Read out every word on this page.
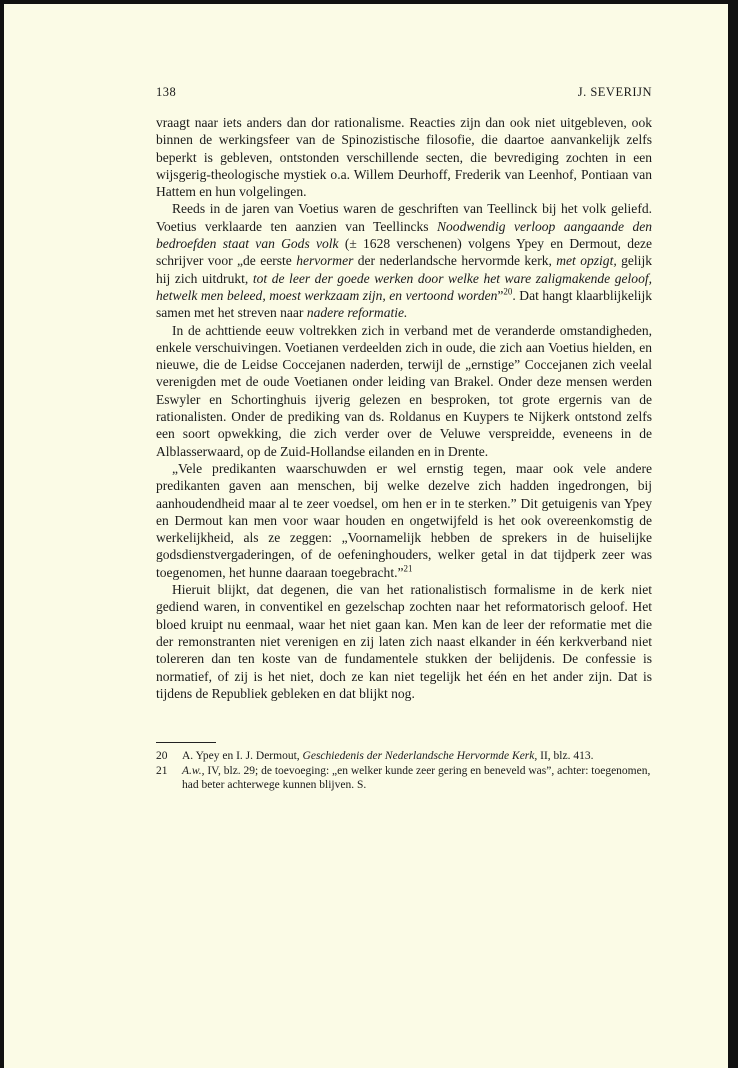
138	J. SEVERIJN

vraagt naar iets anders dan dor rationalisme. Reacties zijn dan ook niet uitgebleven, ook binnen de werkingsfeer van de Spinozistische filosofie, die daartoe aanvankelijk zelfs beperkt is gebleven, ontstonden verschillende secten, die bevrediging zochten in een wijsgerig-theologische mystiek o.a. Willem Deurhoff, Frederik van Leenhof, Pontiaan van Hattem en hun volgelingen.

Reeds in de jaren van Voetius waren de geschriften van Teellinck bij het volk geliefd. Voetius verklaarde ten aanzien van Teellincks Noodwendig verloop aangaande den bedroefden staat van Gods volk (± 1628 verschenen) volgens Ypey en Dermout, deze schrijver voor „de eerste hervormer der nederlandsche hervormde kerk, met opzigt, gelijk hij zich uitdrukt, tot de leer der goede werken door welke het ware zaligmakende geloof, hetwelk men beleed, moest werkzaam zijn, en vertoond worden”$^{20}$. Dat hangt klaarblijkelijk samen met het streven naar nadere reformatie.

In de achttiende eeuw voltrekken zich in verband met de veranderde omstandigheden, enkele verschuivingen. Voetianen verdeelden zich in oude, die zich aan Voetius hielden, en nieuwe, die de Leidse Coccejanen naderden, terwijl de „ernstige” Coccejanen zich veelal verenigden met de oude Voetianen onder leiding van Brakel. Onder deze mensen werden Eswyler en Schortinghuis ijverig gelezen en besproken, tot grote ergernis van de rationalisten. Onder de prediking van ds. Roldanus en Kuypers te Nijkerk ontstond zelfs een soort opwekking, die zich verder over de Veluwe verspreidde, eveneens in de Alblasserwaard, op de Zuid-Hollandse eilanden en in Drente.

„Vele predikanten waarschuwden er wel ernstig tegen, maar ook vele andere predikanten gaven aan menschen, bij welke dezelve zich hadden ingedrongen, bij aanhoudendheid maar al te zeer voedsel, om hen er in te sterken.” Dit getuigenis van Ypey en Dermout kan men voor waar houden en ongetwijfeld is het ook overeenkomstig de werkelijkheid, als ze zeggen: „Voornamelijk hebben de sprekers in de huiselijke godsdienstvergaderingen, of de oefeninghouders, welker getal in dat tijdperk zeer was toegenomen, het hunne daaraan toegebracht.”$^{21}$

Hieruit blijkt, dat degenen, die van het rationalistisch formalisme in de kerk niet gediend waren, in conventikel en gezelschap zochten naar het reformatorisch geloof. Het bloed kruipt nu eenmaal, waar het niet gaan kan. Men kan de leer der reformatie met die der remonstranten niet verenigen en zij laten zich naast elkander in één kerkverband niet tolereren dan ten koste van de fundamentele stukken der belijdenis. De confessie is normatief, of zij is het niet, doch ze kan niet tegelijk het één en het ander zijn. Dat is tijdens de Republiek gebleken en dat blijkt nog.

20	A. Ypey en I. J. Dermout, Geschiedenis der Nederlandsche Hervormde Kerk, II, blz. 413.
21	A.w., IV, blz. 29; de toevoeging: „en welker kunde zeer gering en beneveld was”, achter: toegenomen, had beter achterwege kunnen blijven. S.
